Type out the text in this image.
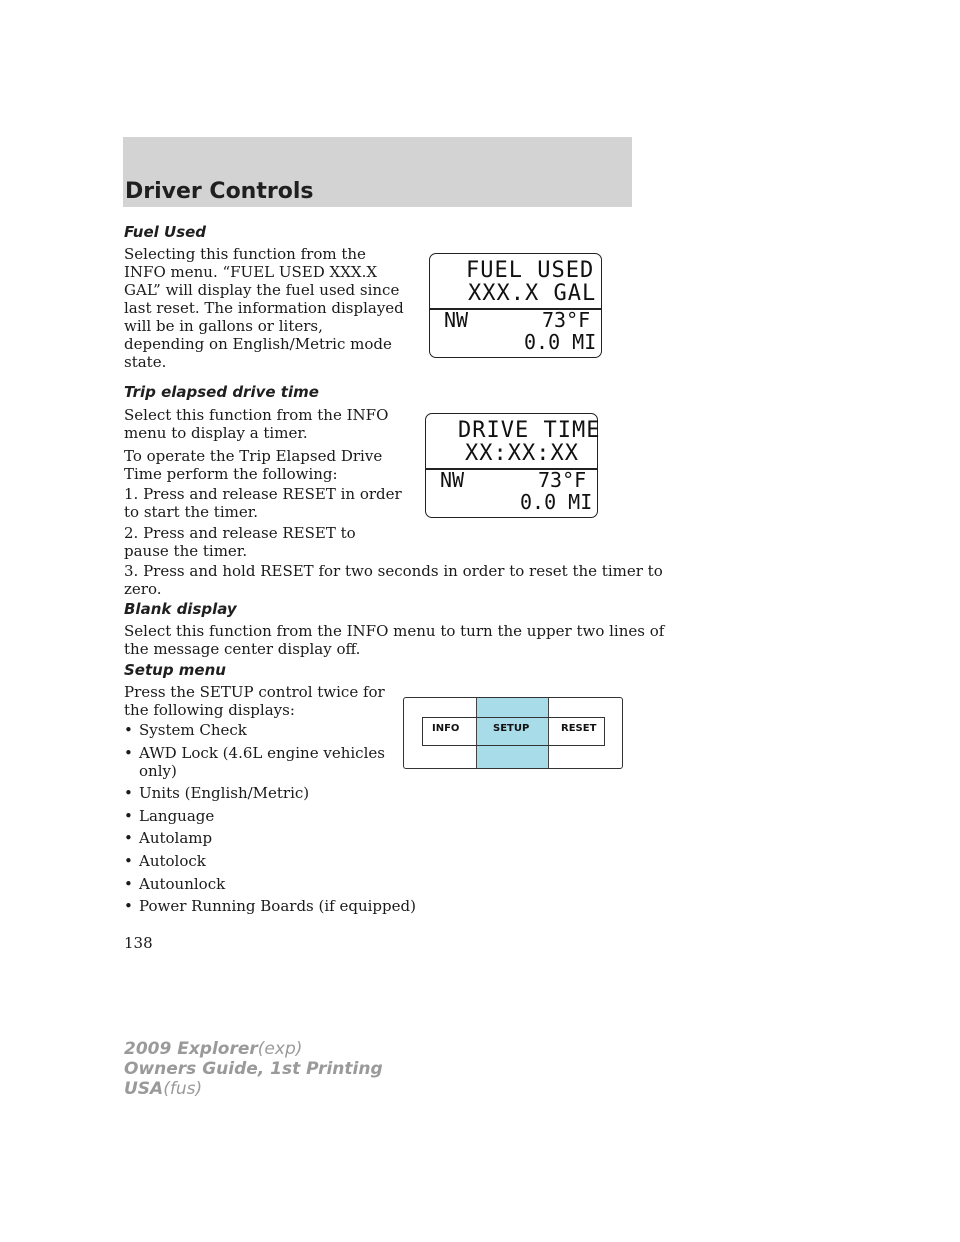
Driver Controls
Fuel Used

Selecting this function from the
INFO menu. “FUEL USED XXX.X
GAL” will display the fuel used since
last reset. The information displayed
will be in gallons or liters,
depending on English/Metric mode
state.

FUEL USED
XXX.X GAL
NW	73°F
0.0 MI
Trip elapsed drive time

Select this function from the INFO
menu to display a timer.

To operate the Trip Elapsed Drive
Time perform the following:

1. Press and release RESET in order
to start the timer.

2. Press and release RESET to
pause the timer.

3. Press and hold RESET for two seconds in order to reset the timer to
zero.

DRIVE TIME
XX:XX:XX
NW	73°F
0.0 MI
Blank display

Select this function from the INFO menu to turn the upper two lines of
the message center display off.

Setup menu

Press the SETUP control twice for
the following displays:

• System Check
• AWD Lock (4.6L engine vehicles
only)
• Units (English/Metric)
• Language
• Autolamp
• Autolock
• Autounlock
• Power Running Boards (if equipped)
INFO	SETUP	RESET

138

2009 Explorer(exp)
Owners Guide, 1st Printing
USA(fus)
